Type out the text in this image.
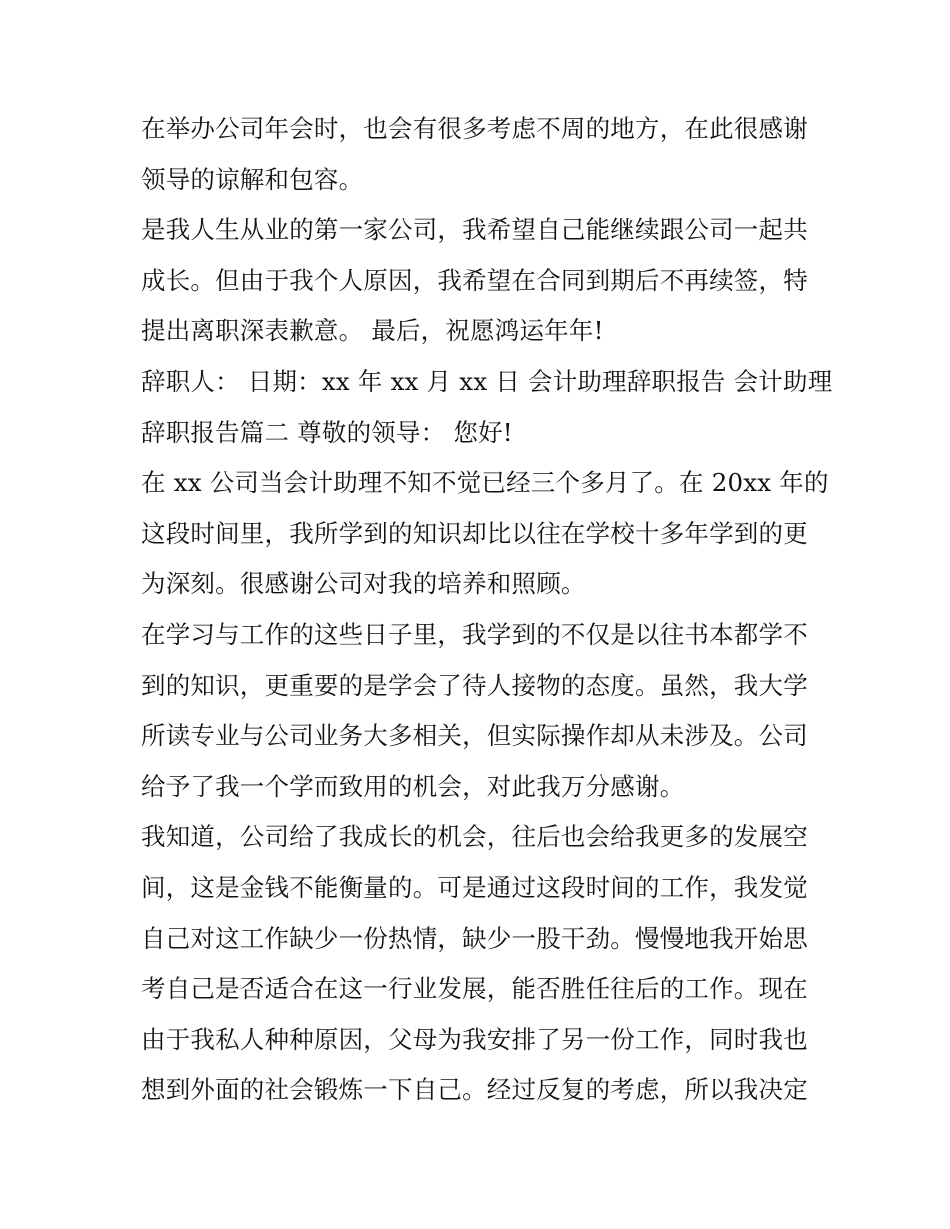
在举办公司年会时，也会有很多考虑不周的地方，在此很感谢
领导的谅解和包容。

是我人生从业的第一家公司，我希望自己能继续跟公司一起共
成长。但由于我个人原因，我希望在合同到期后不再续签，特
提出离职深表歉意。 最后，祝愿鸿运年年!

辞职人： 日期：xx 年 xx 月 xx 日 会计助理辞职报告 会计助理
辞职报告篇二 尊敬的领导： 您好!

在 xx 公司当会计助理不知不觉已经三个多月了。在 20xx 年的
这段时间里，我所学到的知识却比以往在学校十多年学到的更
为深刻。很感谢公司对我的培养和照顾。

在学习与工作的这些日子里，我学到的不仅是以往书本都学不
到的知识，更重要的是学会了待人接物的态度。虽然，我大学
所读专业与公司业务大多相关，但实际操作却从未涉及。公司
给予了我一个学而致用的机会，对此我万分感谢。

我知道，公司给了我成长的机会，往后也会给我更多的发展空
间，这是金钱不能衡量的。可是通过这段时间的工作，我发觉
自己对这工作缺少一份热情，缺少一股干劲。慢慢地我开始思
考自己是否适合在这一行业发展，能否胜任往后的工作。现在
由于我私人种种原因，父母为我安排了另一份工作，同时我也
想到外面的社会锻炼一下自己。经过反复的考虑，所以我决定
